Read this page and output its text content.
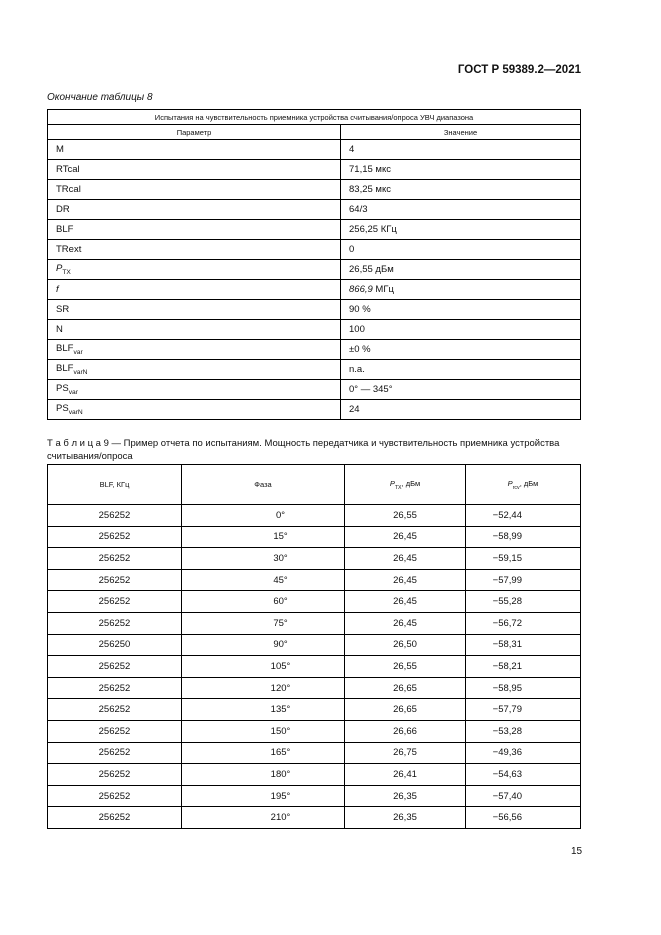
ГОСТ Р 59389.2—2021
Окончание таблицы 8
Испытания на чувствительность приемника устройства считывания/опроса УВЧ диапазона	
Параметр	Значение
M	4
RTcal	71,15 мкс
TRcal	83,25 мкс
DR	64/3
BLF	256,25 КГц
TRext	0
$P_{TX}$	26,55 дБм
f	866,9 МГц
SR	90 %
N	100
$BLF_{var}$	±0 %
$BLF_{varN}$	n.a.
$PS_{var}$	0° — 345°
$PS_{varN}$	24
Т а б л и ц а 9 — Пример отчета по испытаниям. Мощность передатчика и чувствительность приемника устройства считывания/опроса
BLF, КГц	Фаза	$P_{TX}$, дБм	$P_{rcv}$, дБм
256252	0°	26,55	−52,44
256252	15°	26,45	−58,99
256252	30°	26,45	−59,15
256252	45°	26,45	−57,99
256252	60°	26,45	−55,28
256252	75°	26,45	−56,72
256250	90°	26,50	−58,31
256252	105°	26,55	−58,21
256252	120°	26,65	−58,95
256252	135°	26,65	−57,79
256252	150°	26,66	−53,28
256252	165°	26,75	−49,36
256252	180°	26,41	−54,63
256252	195°	26,35	−57,40
256252	210°	26,35	−56,56
15
